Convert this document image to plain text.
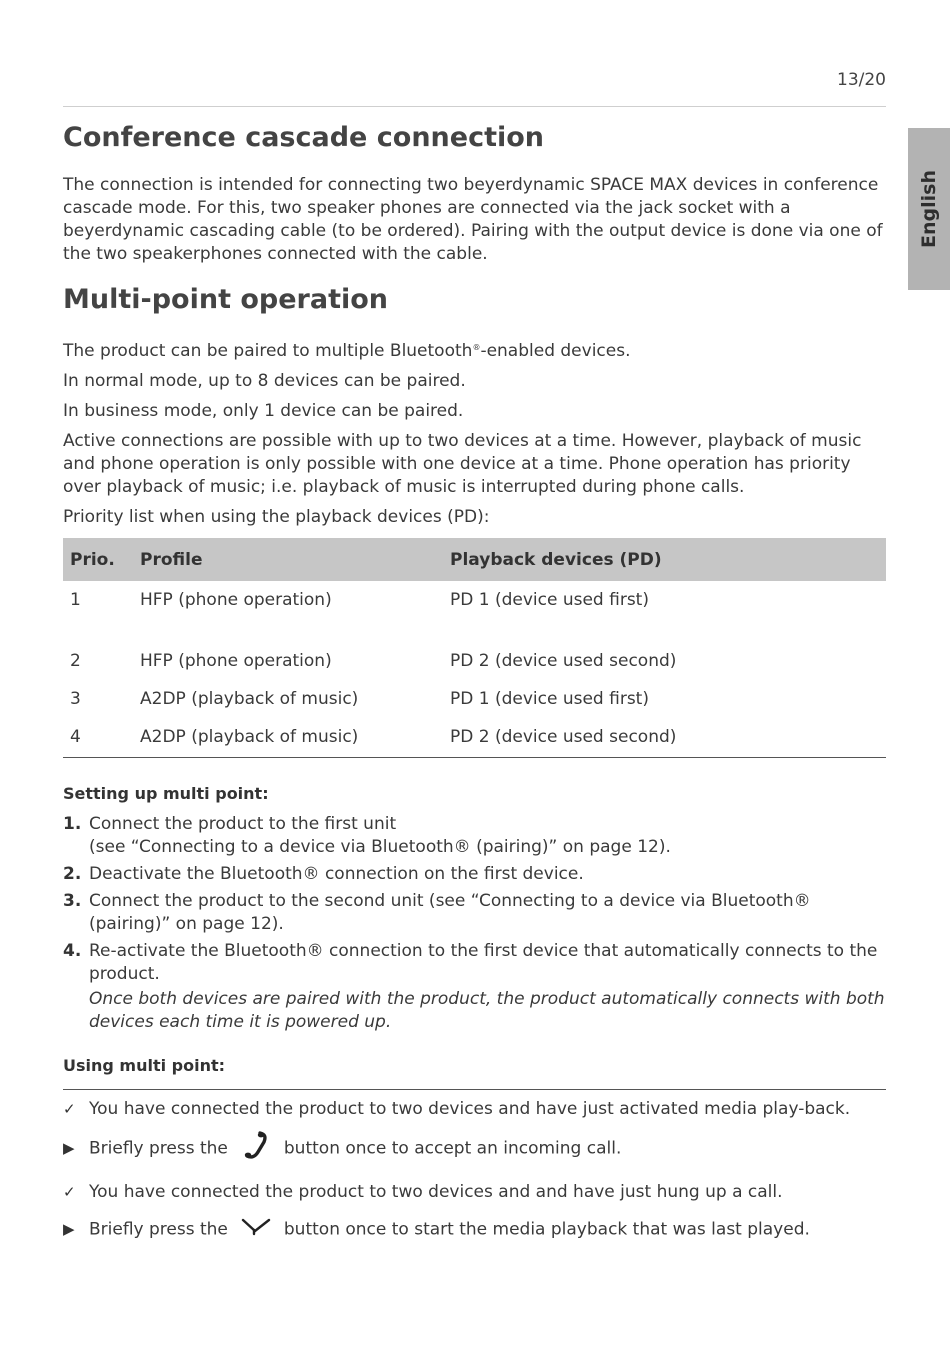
13/20
English
Conference cascade connection

The connection is intended for connecting two beyerdynamic SPACE MAX devices in conference cascade mode. For this, two speaker phones are connected via the jack socket with a beyerdynamic cascading cable (to be ordered). Pairing with the output device is done via one of the two speakerphones connected with the cable.

Multi-point operation

The product can be paired to multiple Bluetooth®-enabled devices.

In normal mode, up to 8 devices can be paired.

In business mode, only 1 device can be paired.

Active connections are possible with up to two devices at a time. However, playback of music and phone operation is only possible with one device at a time. Phone operation has priority over playback of music; i.e. playback of music is interrupted during phone calls.

Priority list when using the playback devices (PD):

Prio.	Profile	Playback devices (PD)
1	HFP (phone operation)	PD 1 (device used first)
2	HFP (phone operation)	PD 2 (device used second)
3	A2DP (playback of music)	PD 1 (device used first)
4	A2DP (playback of music)	PD 2 (device used second)
Setting up multi point:
1. Connect the product to the first unit
(see “Connecting to a device via Bluetooth® (pairing)” on page 12).
2. Deactivate the Bluetooth® connection on the first device.
3. Connect the product to the second unit (see “Connecting to a device via Bluetooth® (pairing)” on page 12).
4. Re-activate the Bluetooth® connection to the first device that automatically connects to the product.
Once both devices are paired with the product, the product automatically connects with both devices each time it is powered up.
Using multi point:
✓ You have connected the product to two devices and have just activated media play-back.
▶ Briefly press the	button once to accept an incoming call.
✓ You have connected the product to two devices and and have just hung up a call.
▶ Briefly press the	button once to start the media playback that was last played.
